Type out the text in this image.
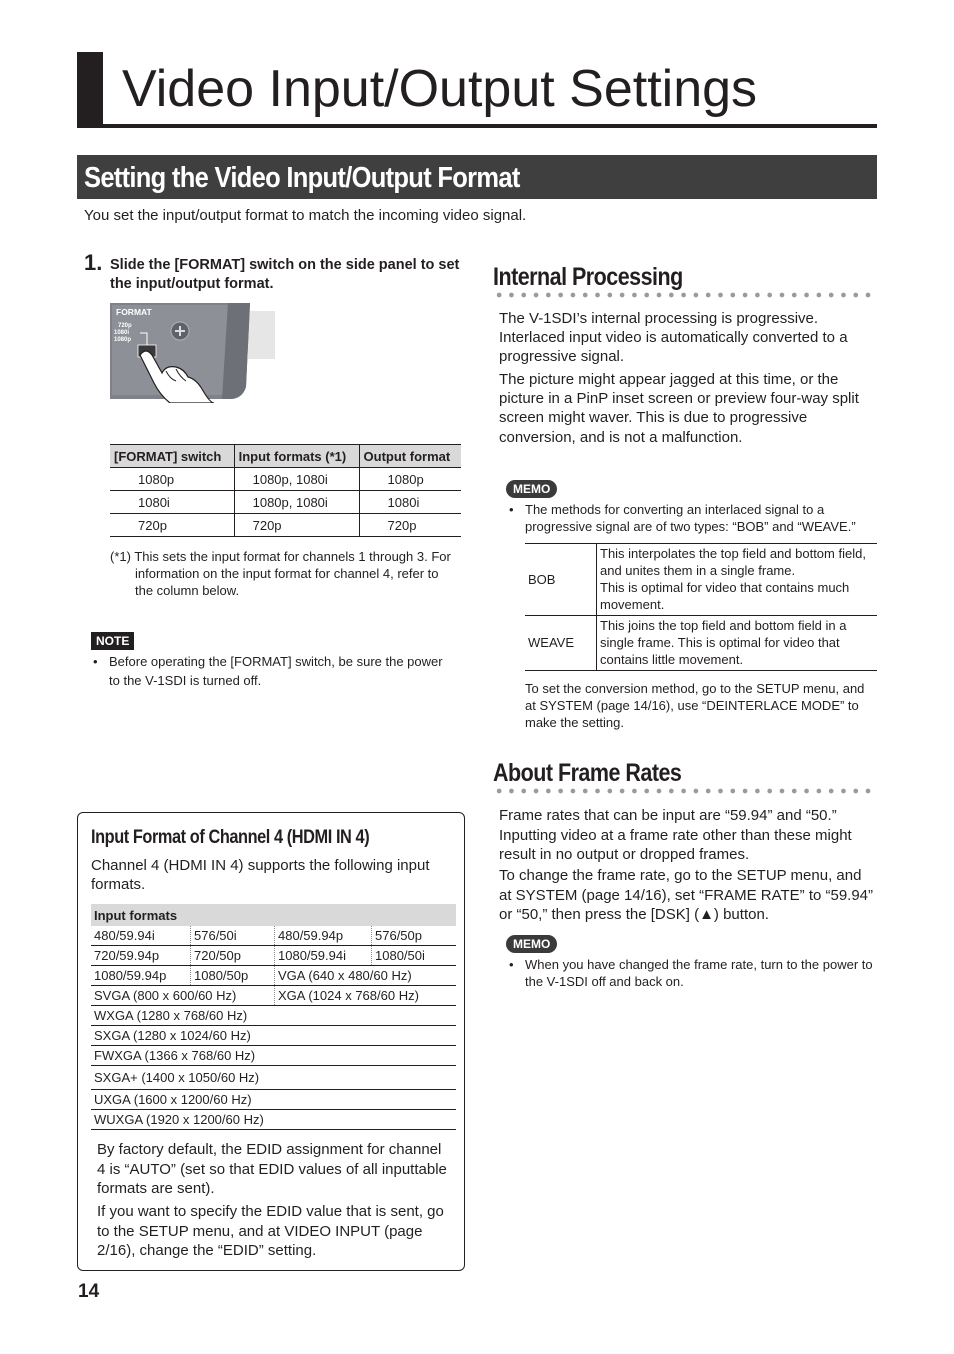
Video Input/Output Settings
Setting the Video Input/Output Format
You set the input/output format to match the incoming video signal.
1. Slide the [FORMAT] switch on the side panel to set the input/output format.
FORMAT
720p
1080i
1080p
[FORMAT] switch	Input formats (*1)	Output format
1080p	1080p, 1080i	1080p
1080i	1080p, 1080i	1080i
720p	720p	720p
(*1) This sets the input format for channels 1 through 3. For information on the input format for channel 4, refer to the column below.
NOTE
• Before operating the [FORMAT] switch, be sure the power to the V-1SDI is turned off.
Internal Processing
The V-1SDI’s internal processing is progressive. Interlaced input video is automatically converted to a progressive signal.
The picture might appear jagged at this time, or the picture in a PinP inset screen or preview four-way split screen might waver. This is due to progressive conversion, and is not a malfunction.
MEMO
• The methods for converting an interlaced signal to a progressive signal are of two types: “BOB” and “WEAVE.”
BOB	This interpolates the top field and bottom field, and unites them in a single frame.
This is optimal for video that contains much movement.

WEAVE	This joins the top field and bottom field in a single frame. This is optimal for video that contains little movement.
To set the conversion method, go to the SETUP menu, and at SYSTEM (page 14/16), use “DEINTERLACE MODE” to make the setting.
About Frame Rates
Frame rates that can be input are “59.94” and “50.” Inputting video at a frame rate other than these might result in no output or dropped frames.
To change the frame rate, go to the SETUP menu, and at SYSTEM (page 14/16), set “FRAME RATE” to “59.94” or “50,” then press the [DSK] (▲) button.
MEMO
• When you have changed the frame rate, turn to the power to the V-1SDI off and back on.
Input Format of Channel 4 (HDMI IN 4)
Channel 4 (HDMI IN 4) supports the following input formats.
Input formats			
480/59.94i	576/50i	480/59.94p	576/50p
720/59.94p	720/50p	1080/59.94i	1080/50i
1080/59.94p	1080/50p	VGA (640 x 480/60 Hz)	
SVGA (800 x 600/60 Hz)		XGA (1024 x 768/60 Hz)	
WXGA (1280 x 768/60 Hz)			
SXGA (1280 x 1024/60 Hz)			
FWXGA (1366 x 768/60 Hz)			
SXGA+ (1400 x 1050/60 Hz)			
UXGA (1600 x 1200/60 Hz)			
WUXGA (1920 x 1200/60 Hz)			
By factory default, the EDID assignment for channel 4 is “AUTO” (set so that EDID values of all inputtable formats are sent).
If you want to specify the EDID value that is sent, go to the SETUP menu, and at VIDEO INPUT (page 2/16), change the “EDID” setting.
14
